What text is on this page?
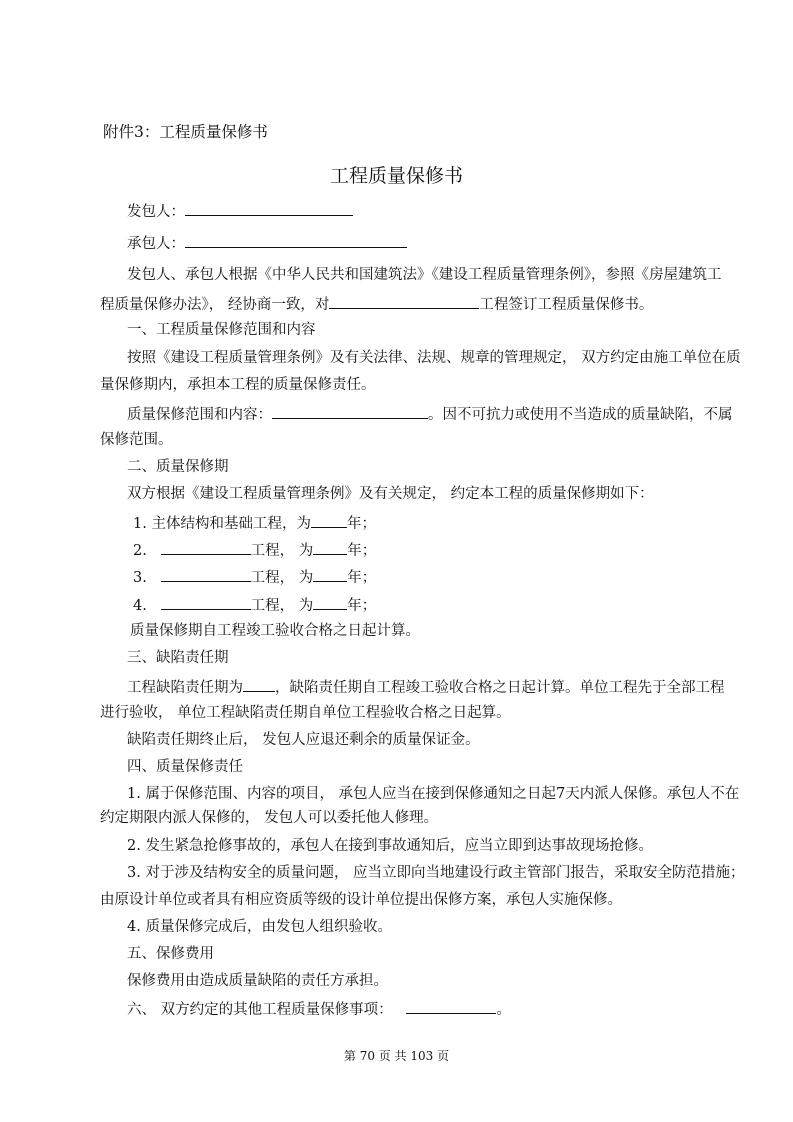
附件3：工程质量保修书
工程质量保修书
发包人：
承包人：
发包人、承包人根据《中华人民共和国建筑法》《建设工程质量管理条例》，参照《房屋建筑工
程质量保修办法》， 经协商一致，对	工程签订工程质量保修书。
一、工程质量保修范围和内容
按照《建设工程质量管理条例》及有关法律、法规、规章的管理规定， 双方约定由施工单位在质
量保修期内，承担本工程的质量保修责任。
质量保修范围和内容：	。因不可抗力或使用不当造成的质量缺陷，不属
保修范围。
二、质量保修期
双方根据《建设工程质量管理条例》及有关规定， 约定本工程的质量保修期如下：
1. 主体结构和基础工程，为 年；
2.	工程， 为 年；
3.	工程， 为 年；
4.	工程， 为 年；
质量保修期自工程竣工验收合格之日起计算。
三、缺陷责任期
工程缺陷责任期为 ，缺陷责任期自工程竣工验收合格之日起计算。单位工程先于全部工程
进行验收， 单位工程缺陷责任期自单位工程验收合格之日起算。
缺陷责任期终止后， 发包人应退还剩余的质量保证金。
四、质量保修责任
1. 属于保修范围、内容的项目， 承包人应当在接到保修通知之日起7天内派人保修。承包人不在
约定期限内派人保修的， 发包人可以委托他人修理。
2. 发生紧急抢修事故的，承包人在接到事故通知后，应当立即到达事故现场抢修。
3. 对于涉及结构安全的质量问题， 应当立即向当地建设行政主管部门报告，采取安全防范措施；
由原设计单位或者具有相应资质等级的设计单位提出保修方案，承包人实施保修。
4. 质量保修完成后，由发包人组织验收。
五、保修费用
保修费用由造成质量缺陷的责任方承担。
六、 双方约定的其他工程质量保修事项：	。
第 70 页 共 103 页
